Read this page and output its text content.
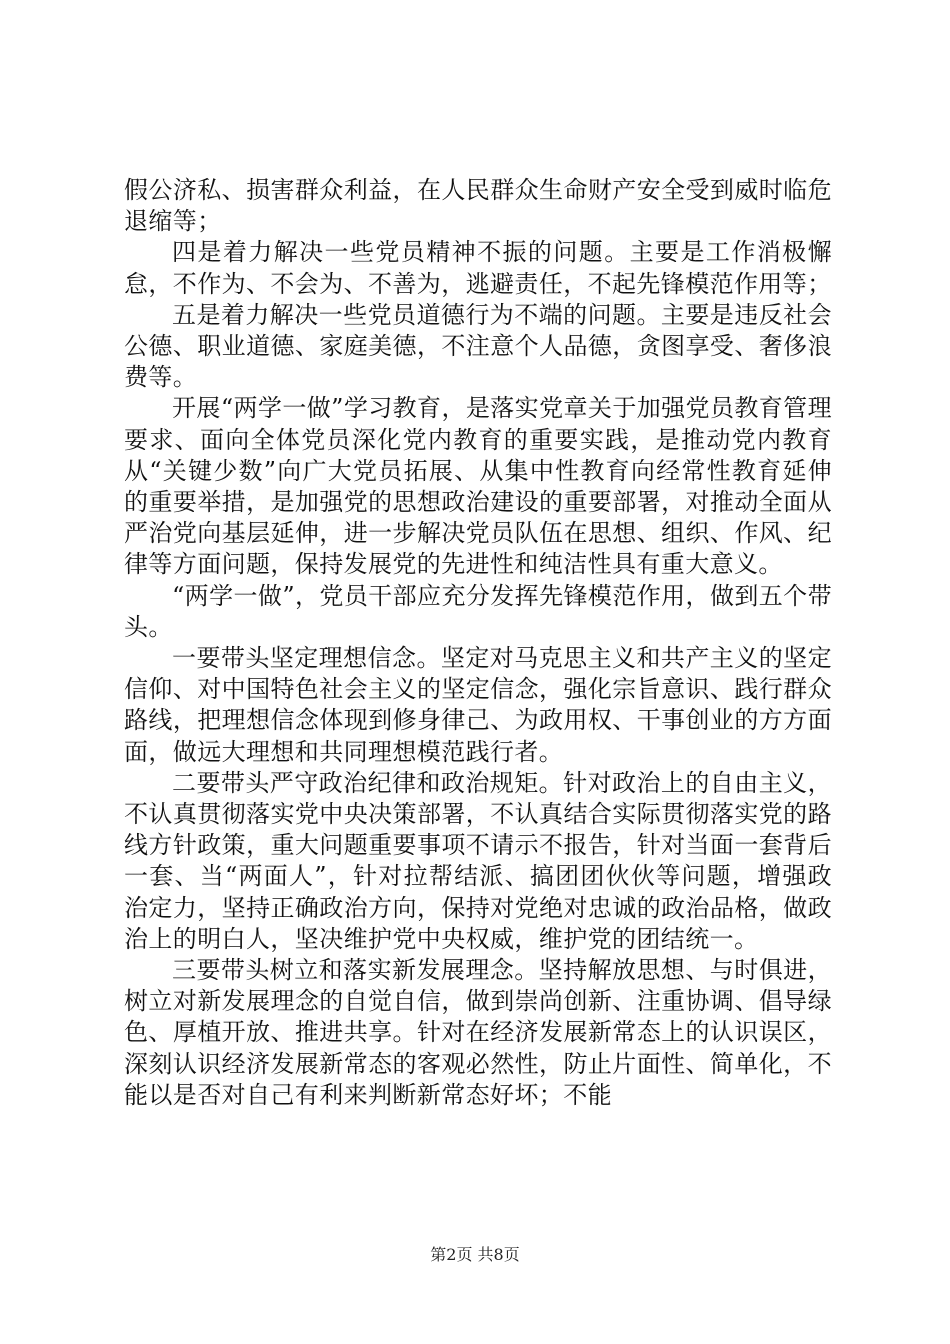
假公济私、损害群众利益，在人民群众生命财产安全受到威时临危退缩等；

四是着力解决一些党员精神不振的问题。主要是工作消极懈怠，不作为、不会为、不善为，逃避责任，不起先锋模范作用等；

五是着力解决一些党员道德行为不端的问题。主要是违反社会公德、职业道德、家庭美德，不注意个人品德，贪图享受、奢侈浪费等。

开展“两学一做”学习教育，是落实党章关于加强党员教育管理要求、面向全体党员深化党内教育的重要实践，是推动党内教育从“关键少数”向广大党员拓展、从集中性教育向经常性教育延伸的重要举措，是加强党的思想政治建设的重要部署，对推动全面从严治党向基层延伸，进一步解决党员队伍在思想、组织、作风、纪律等方面问题，保持发展党的先进性和纯洁性具有重大意义。

“两学一做”，党员干部应充分发挥先锋模范作用，做到五个带头。

一要带头坚定理想信念。坚定对马克思主义和共产主义的坚定信仰、对中国特色社会主义的坚定信念，强化宗旨意识、践行群众路线，把理想信念体现到修身律己、为政用权、干事创业的方方面面，做远大理想和共同理想模范践行者。

二要带头严守政治纪律和政治规矩。针对政治上的自由主义，不认真贯彻落实党中央决策部署，不认真结合实际贯彻落实党的路线方针政策，重大问题重要事项不请示不报告，针对当面一套背后一套、当“两面人”，针对拉帮结派、搞团团伙伙等问题，增强政治定力，坚持正确政治方向，保持对党绝对忠诚的政治品格，做政治上的明白人，坚决维护党中央权威，维护党的团结统一。

三要带头树立和落实新发展理念。坚持解放思想、与时俱进，树立对新发展理念的自觉自信，做到崇尚创新、注重协调、倡导绿色、厚植开放、推进共享。针对在经济发展新常态上的认识误区，深刻认识经济发展新常态的客观必然性，防止片面性、简单化，不能以是否对自己有利来判断新常态好坏；不能

第2页 共8页
